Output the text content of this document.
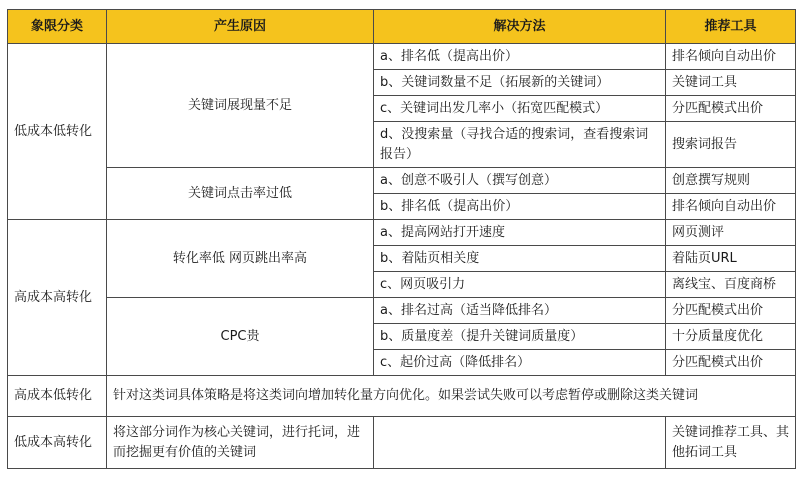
象限分类	产生原因	解决方法	推荐工具
低成本低转化	关键词展现量不足	a、排名低（提高出价）	排名倾向自动出价
		b、关键词数量不足（拓展新的关键词）	关键词工具
		c、关键词出发几率小（拓宽匹配模式）	分匹配模式出价
		d、没搜索量（寻找合适的搜索词，查看搜索词报告）	搜索词报告
	关键词点击率过低	a、创意不吸引人（撰写创意）	创意撰写规则
		b、排名低（提高出价）	排名倾向自动出价
高成本高转化	转化率低 网页跳出率高	a、提高网站打开速度	网页测评
		b、着陆页相关度	着陆页URL
		c、网页吸引力	离线宝、百度商桥
	CPC贵	a、排名过高（适当降低排名）	分匹配模式出价
		b、质量度差（提升关键词质量度）	十分质量度优化
		c、起价过高（降低排名）	分匹配模式出价
高成本低转化	针对这类词具体策略是将这类词向增加转化量方向优化。如果尝试失败可以考虑暂停或删除这类关键词		
低成本高转化	将这部分词作为核心关键词，进行托词，进而挖掘更有价值的关键词		关键词推荐工具、其他拓词工具
